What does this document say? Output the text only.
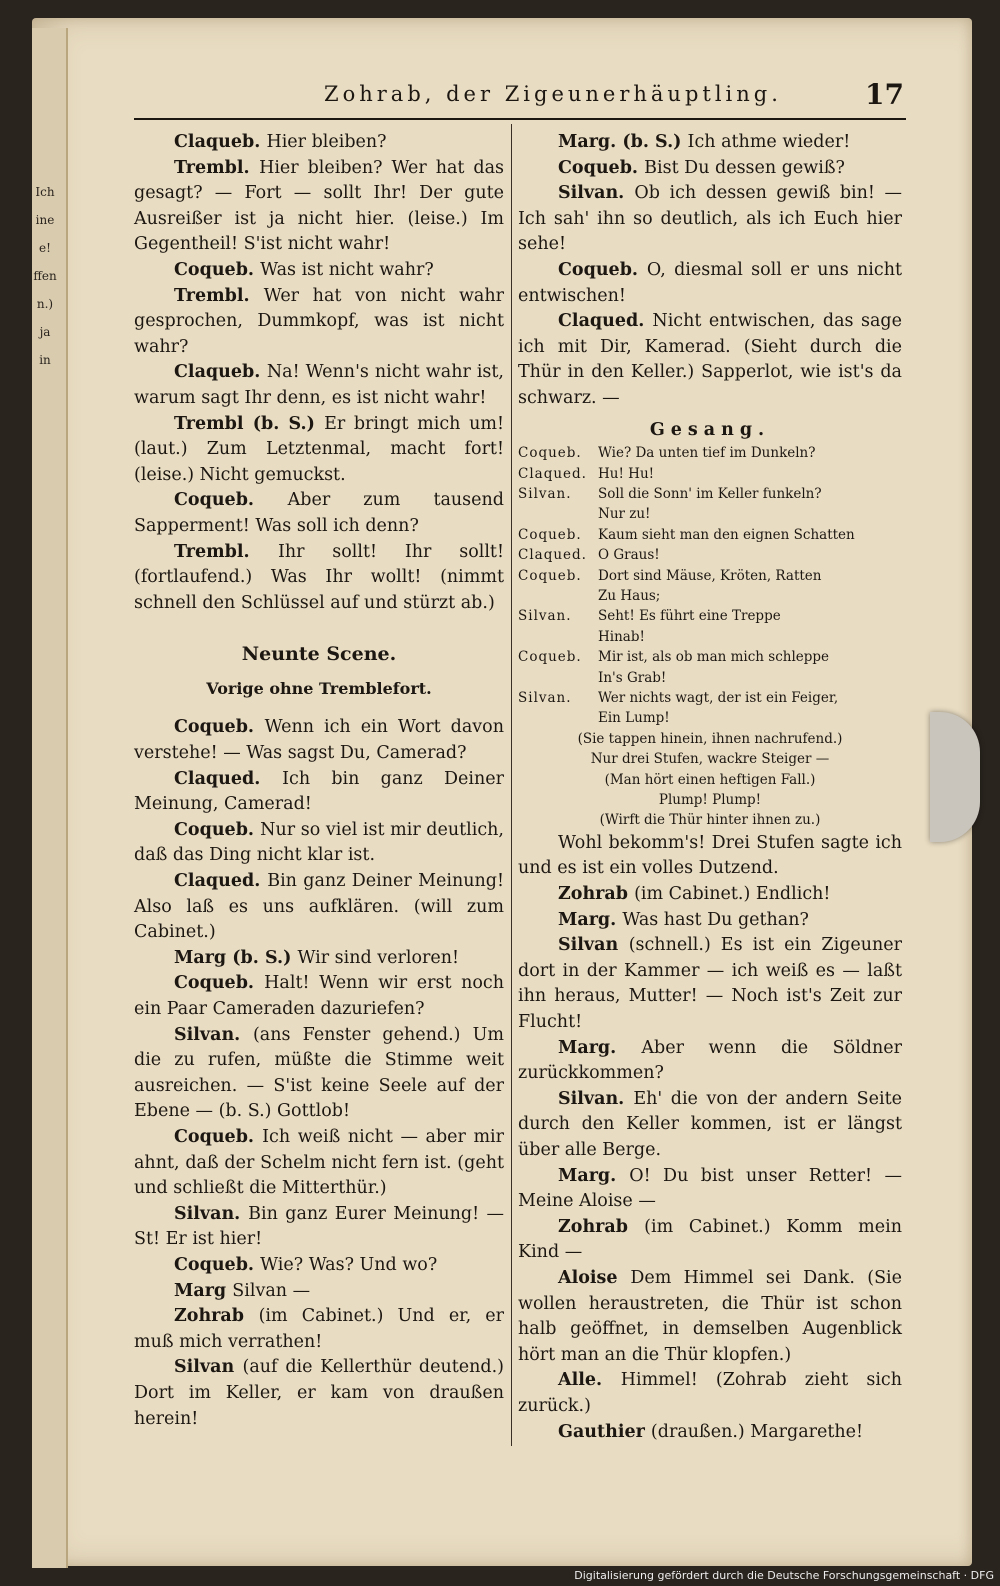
Ich
ine
e!
ffen
n.)
ja
in
Zohrab, der Zigeunerhäuptling.	17

Claqueb. Hier bleiben?

Trembl. Hier bleiben? Wer hat das gesagt? — Fort — sollt Ihr! Der gute Ausreißer ist ja nicht hier. (leise.) Im Gegentheil! S'ist nicht wahr!

Coqueb. Was ist nicht wahr?

Trembl. Wer hat von nicht wahr gesprochen, Dummkopf, was ist nicht wahr?

Claqueb. Na! Wenn's nicht wahr ist, warum sagt Ihr denn, es ist nicht wahr!

Trembl (b. S.) Er bringt mich um! (laut.) Zum Letztenmal, macht fort! (leise.) Nicht gemuckst.

Coqueb. Aber zum tausend Sapperment! Was soll ich denn?

Trembl. Ihr sollt! Ihr sollt! (fortlaufend.) Was Ihr wollt! (nimmt schnell den Schlüssel auf und stürzt ab.)

Neunte Scene.
Vorige ohne Tremblefort.

Coqueb. Wenn ich ein Wort davon verstehe! — Was sagst Du, Camerad?

Claqued. Ich bin ganz Deiner Meinung, Camerad!

Coqueb. Nur so viel ist mir deutlich, daß das Ding nicht klar ist.

Claqued. Bin ganz Deiner Meinung! Also laß es uns aufklären. (will zum Cabinet.)

Marg (b. S.) Wir sind verloren!

Coqueb. Halt! Wenn wir erst noch ein Paar Cameraden dazuriefen?

Silvan. (ans Fenster gehend.) Um die zu rufen, müßte die Stimme weit ausreichen. — S'ist keine Seele auf der Ebene — (b. S.) Gottlob!

Coqueb. Ich weiß nicht — aber mir ahnt, daß der Schelm nicht fern ist. (geht und schließt die Mitterthür.)

Silvan. Bin ganz Eurer Meinung! — St! Er ist hier!

Coqueb. Wie? Was? Und wo?

Marg Silvan —

Zohrab (im Cabinet.) Und er, er muß mich verrathen!

Silvan (auf die Kellerthür deutend.) Dort im Keller, er kam von draußen herein!

Marg. (b. S.) Ich athme wieder!

Coqueb. Bist Du dessen gewiß?

Silvan. Ob ich dessen gewiß bin! — Ich sah' ihn so deutlich, als ich Euch hier sehe!

Coqueb. O, diesmal soll er uns nicht entwischen!

Claqued. Nicht entwischen, das sage ich mit Dir, Kamerad. (Sieht durch die Thür in den Keller.) Sapperlot, wie ist's da schwarz. —

Gesang.
Coqueb.	Wie? Da unten tief im Dunkeln?
Claqued. Hu! Hu!
Silvan.	Soll die Sonn' im Keller funkeln?
Nur zu!
Coqueb.	Kaum sieht man den eignen Schatten
Claqued. O Graus!
Coqueb.	Dort sind Mäuse, Kröten, Ratten
Zu Haus;
Silvan.	Seht! Es führt eine Treppe
Hinab!
Coqueb.	Mir ist, als ob man mich schleppe
In's Grab!
Silvan.	Wer nichts wagt, der ist ein Feiger,
Ein Lump!
(Sie tappen hinein, ihnen nachrufend.)
Nur drei Stufen, wackre Steiger —
(Man hört einen heftigen Fall.)
Plump! Plump!
(Wirft die Thür hinter ihnen zu.)

Wohl bekomm's! Drei Stufen sagte ich und es ist ein volles Dutzend.

Zohrab (im Cabinet.) Endlich!

Marg. Was hast Du gethan?

Silvan (schnell.) Es ist ein Zigeuner dort in der Kammer — ich weiß es — laßt ihn heraus, Mutter! — Noch ist's Zeit zur Flucht!

Marg. Aber wenn die Söldner zurückkommen?

Silvan. Eh' die von der andern Seite durch den Keller kommen, ist er längst über alle Berge.

Marg. O! Du bist unser Retter! — Meine Aloise —

Zohrab (im Cabinet.) Komm mein Kind —

Aloise Dem Himmel sei Dank. (Sie wollen heraustreten, die Thür ist schon halb geöffnet, in demselben Augenblick hört man an die Thür klopfen.)

Alle. Himmel! (Zohrab zieht sich zurück.)

Gauthier (draußen.) Margarethe!

Digitalisierung gefördert durch die Deutsche Forschungsgemeinschaft · DFG
